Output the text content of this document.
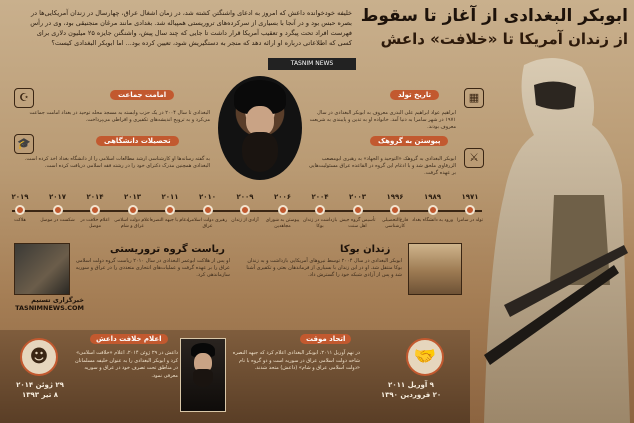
ابوبکر البغدادی از آغاز تا سقوط
از زندان آمریکا تا «خلافت» داعش
خلیفه خودخوانده داعش که امروز به ادعای واشنگتن کشته شد، در زمان اشغال عراق، چهارسال در زندان آمریکایی‌ها در بصره حبس بود و در آنجا با بسیاری از سرکرده‌های تروریستی همپیاله شد. بغدادی مانند مرغان منجنیقی بود، وی در رأس فهرست افراد تحت پیگرد و تعقیب آمریکا قرار داشت تا جایی که چند سال پیش، واشنگتن جایزه ۲۵ میلیون دلاری برای کسی که اطلاعاتی درباره او ارائه دهد که منجر به دستگیریش شود، تعیین کرده بود... اما ابوبکر البغدادی کیست؟
TASNIM NEWS
امامت جماعت
☪
البغدادی تا سال ۲۰۰۴ در یک حزب وابسته به مسجد محله توحید در بغداد امامت جماعت می‌کرد و به ترویج اندیشه‌های تکفیری و افراطی می‌پرداخت.
تحصیلات دانشگاهی
🎓
به گفته رسانه‌ها او کارشناسی ارشد مطالعات اسلامی را از دانشگاه بغداد اخذ کرده است. البغدادی همچنین مدرک دکترای خود را در رشته فقه اسلامی دریافت کرده است.
تاریخ تولد	▦
ابراهیم عواد ابراهیم علی البدری معروف به ابوبکر البغدادی در سال ۱۹۷۱ در شهر سامرا به دنیا آمد. خانواده او به تدین و پایبندی به شریعت معروف بودند.
پیوستن به گروهک
⚔
ابوبکر البغدادی به گروهک «التوحید و الجهاد» به رهبری ابومصعب الزرقاوی ملحق شد و با ادغام این گروه در القاعده عراق مسئولیت‌هایی بر عهده گرفت.
۱۹۷۱
تولد در سامرا
۱۹۸۹
ورود به دانشگاه بغداد
۱۹۹۶
فارغ‌التحصیلی کارشناسی
۲۰۰۳
تأسیس گروه جیش اهل سنت
۲۰۰۴
بازداشت در زندان بوکا
۲۰۰۶
پیوستن به شورای مجاهدین
۲۰۰۹
آزادی از زندان
۲۰۱۰
رهبری دولت اسلامی عراق
۲۰۱۱
ادغام با جبهه النصره
۲۰۱۳
اعلام دولت اسلامی عراق و شام
۲۰۱۴
اعلام خلافت در موصل
۲۰۱۷
شکست در موصل
۲۰۱۹
هلاکت
ریاست گروه تروریستی
او پس از هلاکت ابوعمر البغدادی در سال ۲۰۱۰ ریاست گروه دولت اسلامی عراق را بر عهده گرفت و عملیات‌های انتحاری متعددی را در عراق و سوریه سازماندهی کرد.
خبرگزاری تسنیم TASNIMNEWS.COM
زندان بوکا
ابوبکر البغدادی در سال ۲۰۰۴ توسط نیروهای آمریکایی بازداشت و به زندان بوکا منتقل شد. او در این زندان با بسیاری از فرماندهان بعثی و تکفیری آشنا شد و پس از آزادی شبکه خود را گسترش داد.
☻
۲۹ ژوئن ۲۰۱۴
۸ تیر ۱۳۹۳
اعلام خلافت داعش
داعش در ۲۹ ژوئن ۲۰۱۴، اعلام «خلافت اسلامی» کرد و ابوبکر البغدادی را به عنوان خلیفه مسلمانان در مناطق تحت تصرف خود در عراق و سوریه معرفی نمود.
اتحاد موقت
در نهم آوریل ۲۰۱۱، ابوبکر البغدادی اعلام کرد که جبهه النصره شاخه دولت اسلامی عراق در سوریه است و دو گروه با نام «دولت اسلامی عراق و شام» (داعش) متحد شدند.
🤝
۹ آوریل ۲۰۱۱
۲۰ فروردین ۱۳۹۰
